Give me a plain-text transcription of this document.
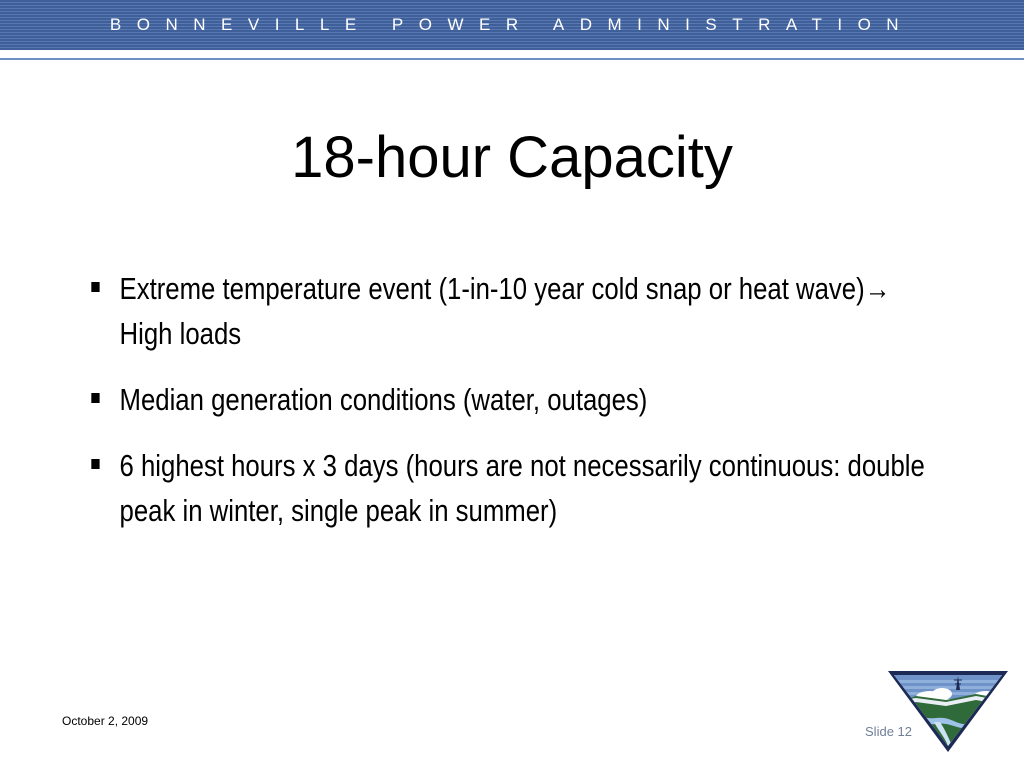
BONNEVILLE POWER ADMINISTRATION
18-hour Capacity
Extreme temperature event (1-in-10 year cold snap or heat wave)→ High loads
Median generation conditions (water, outages)
6 highest hours x 3 days (hours are not necessarily continuous: double peak in winter, single peak in summer)
October 2, 2009
Slide 12
